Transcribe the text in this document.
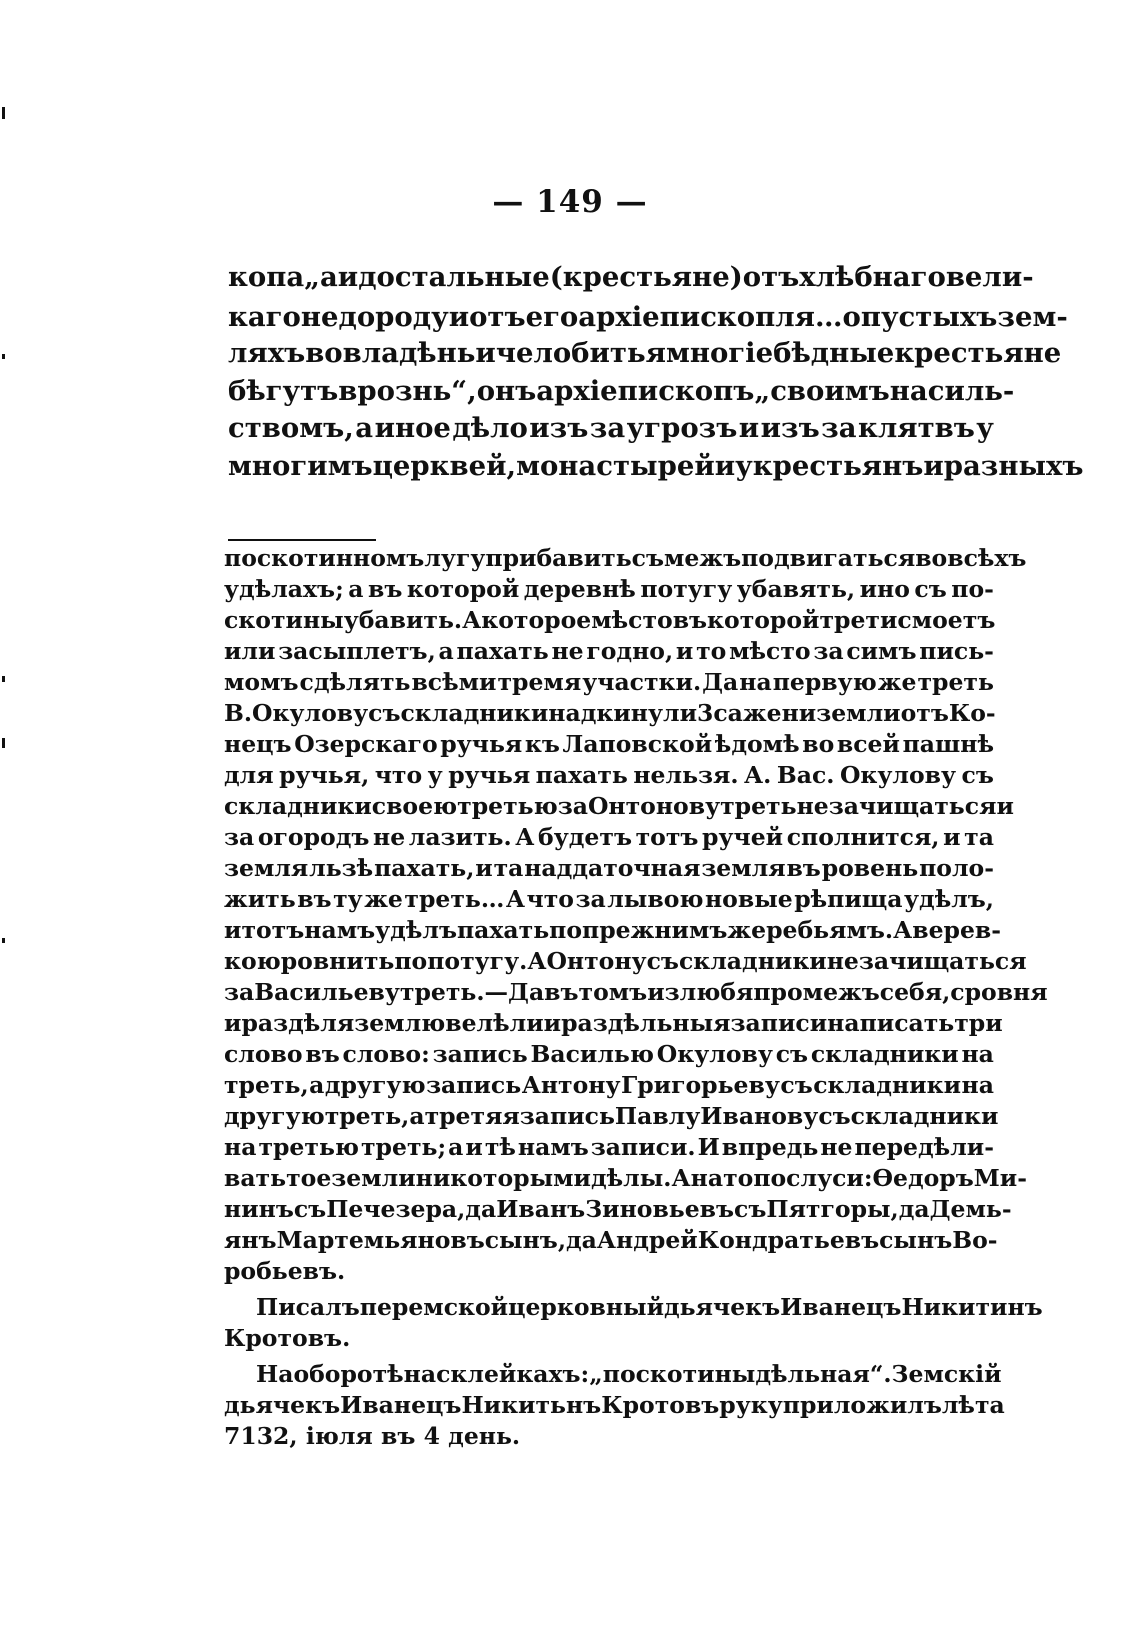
— 149 —
копа „а и достальные (крестьяне) отъ хлѣбнаго вели-
каго недороду и отъ его архіепископля… о пустыхъ зем-
ляхъ во владѣньи челобитья многіе бѣдные крестьяне
бѣгутъ врознь“, онъ архіепископъ „своимъ насиль-
ствомъ, а иное дѣло изъ за угрозъ и изъ за клятвъ у
многимъ церквей, монастырей и у крестьянъ и разныхъ
поскотинномъ лугу прибавить съ межъ подвигаться во всѣхъ
удѣлахъ; а въ которой деревнѣ потугу убавять, ино съ по-
скотины убавить. А которое мѣсто въ которой трети смоетъ
или засыплетъ, а пахать не годно, и то мѣсто за симъ пись-
момъ сдѣлять всѣми тремя участки. Да на первую же треть
В. Окулову съ складники надкинули 3 сажени земли отъ Ко-
нецъ Озерскаго ручья къ Лаповской ѣдомѣ во всей пашнѣ
для ручья, что у ручья пахать нельзя. А. Вас. Окулову съ
складники своею третью за Онтонову треть не зачищаться и
за огородъ не лазить. А будетъ тотъ ручей сполнится, и та
земля льзѣ пахать, и та наддаточная земля въ ровень поло-
жить въ ту же треть… А что за лывою новые рѣпища удѣлъ,
и тотъ намъ удѣлъ пахать по прежнимъ жеребьямъ. А верев-
кою ровнить по потугу. А Онтону съ складники не зачищаться
за Васильеву треть.—Да въ томъ излюбя промежъ себя, сровня
и раздѣля землю велѣли и раздѣльныя записи написать три
слово въ слово: запись Василью Окулову съ складники на
треть, а другую запись Антону Григорьеву съ складники на
другую треть, а третяя запись Павлу Иванову съ складники
на третью треть; а и тѣ намъ записи. И впредь не передѣли-
вать тое земли никоторыми дѣлы. А на то послуси: Ѳедоръ Ми-
нинъ съ Печезера, да Иванъ Зиновьевъ съ Пятгоры, да Демь-
янъ Мартемьяновъ сынъ, да Андрей Кондратьевъ сынъ Во-
робьевъ.
Писалъ перемской церковный дьячекъ Иванецъ Никитинъ
Кротовъ.
На оборотѣ на склейкахъ: „поскотины дѣльная“. Земскій
дьячекъ Иванецъ Никитьнъ Кротовъ руку приложилъ лѣта
7132, іюля въ 4 день.
